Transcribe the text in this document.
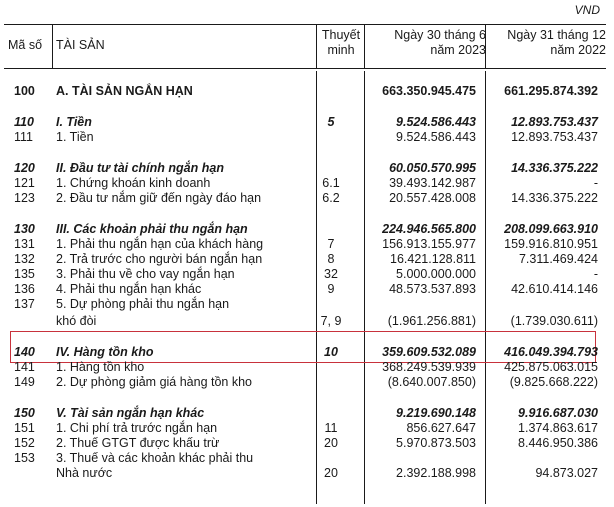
VND
Mã số TÀI SẢN
Thuyết
minh
Ngày 30 tháng 6
năm 2023
Ngày 31 tháng 12
năm 2022
100	A. TÀI SẢN NGẮN HẠN	663.350.945.475 661.295.874.392
110	I. Tiền	5	9.524.586.443	12.893.753.437
111	1. Tiền	9.524.586.443	12.893.753.437
120	II. Đầu tư tài chính ngắn hạn	60.050.570.995	14.336.375.222
121	1. Chứng khoán kinh doanh	6.1	39.493.142.987	-
123	2. Đầu tư nắm giữ đến ngày đáo hạn	6.2	20.557.428.008	14.336.375.222
130	III. Các khoản phải thu ngắn hạn	224.946.565.800 208.099.663.910
131	1. Phải thu ngắn hạn của khách hàng	7	156.913.155.977 159.916.810.951
132	2. Trả trước cho người bán ngắn hạn	8	16.421.128.811	7.311.469.424
135	3. Phải thu về cho vay ngắn hạn	32	5.000.000.000	-
136	4. Phải thu ngắn hạn khác	9	48.573.537.893	42.610.414.146
137	5. Dự phòng phải thu ngắn hạn
khó đòi	7, 9	(1.961.256.881)	(1.739.030.611)
140	IV. Hàng tồn kho	10	359.609.532.089 416.049.394.793
141	1. Hàng tồn kho	368.249.539.939 425.875.063.015
149	2. Dự phòng giảm giá hàng tồn kho	(8.640.007.850)	(9.825.668.222)
150	V. Tài sản ngắn hạn khác	9.219.690.148	9.916.687.030
151	1. Chi phí trả trước ngắn hạn	11	856.627.647	1.374.863.617
152	2. Thuế GTGT được khấu trừ	20	5.970.873.503	8.446.950.386
153	3. Thuế và các khoản khác phải thu
Nhà nước	20	2.392.188.998	94.873.027
